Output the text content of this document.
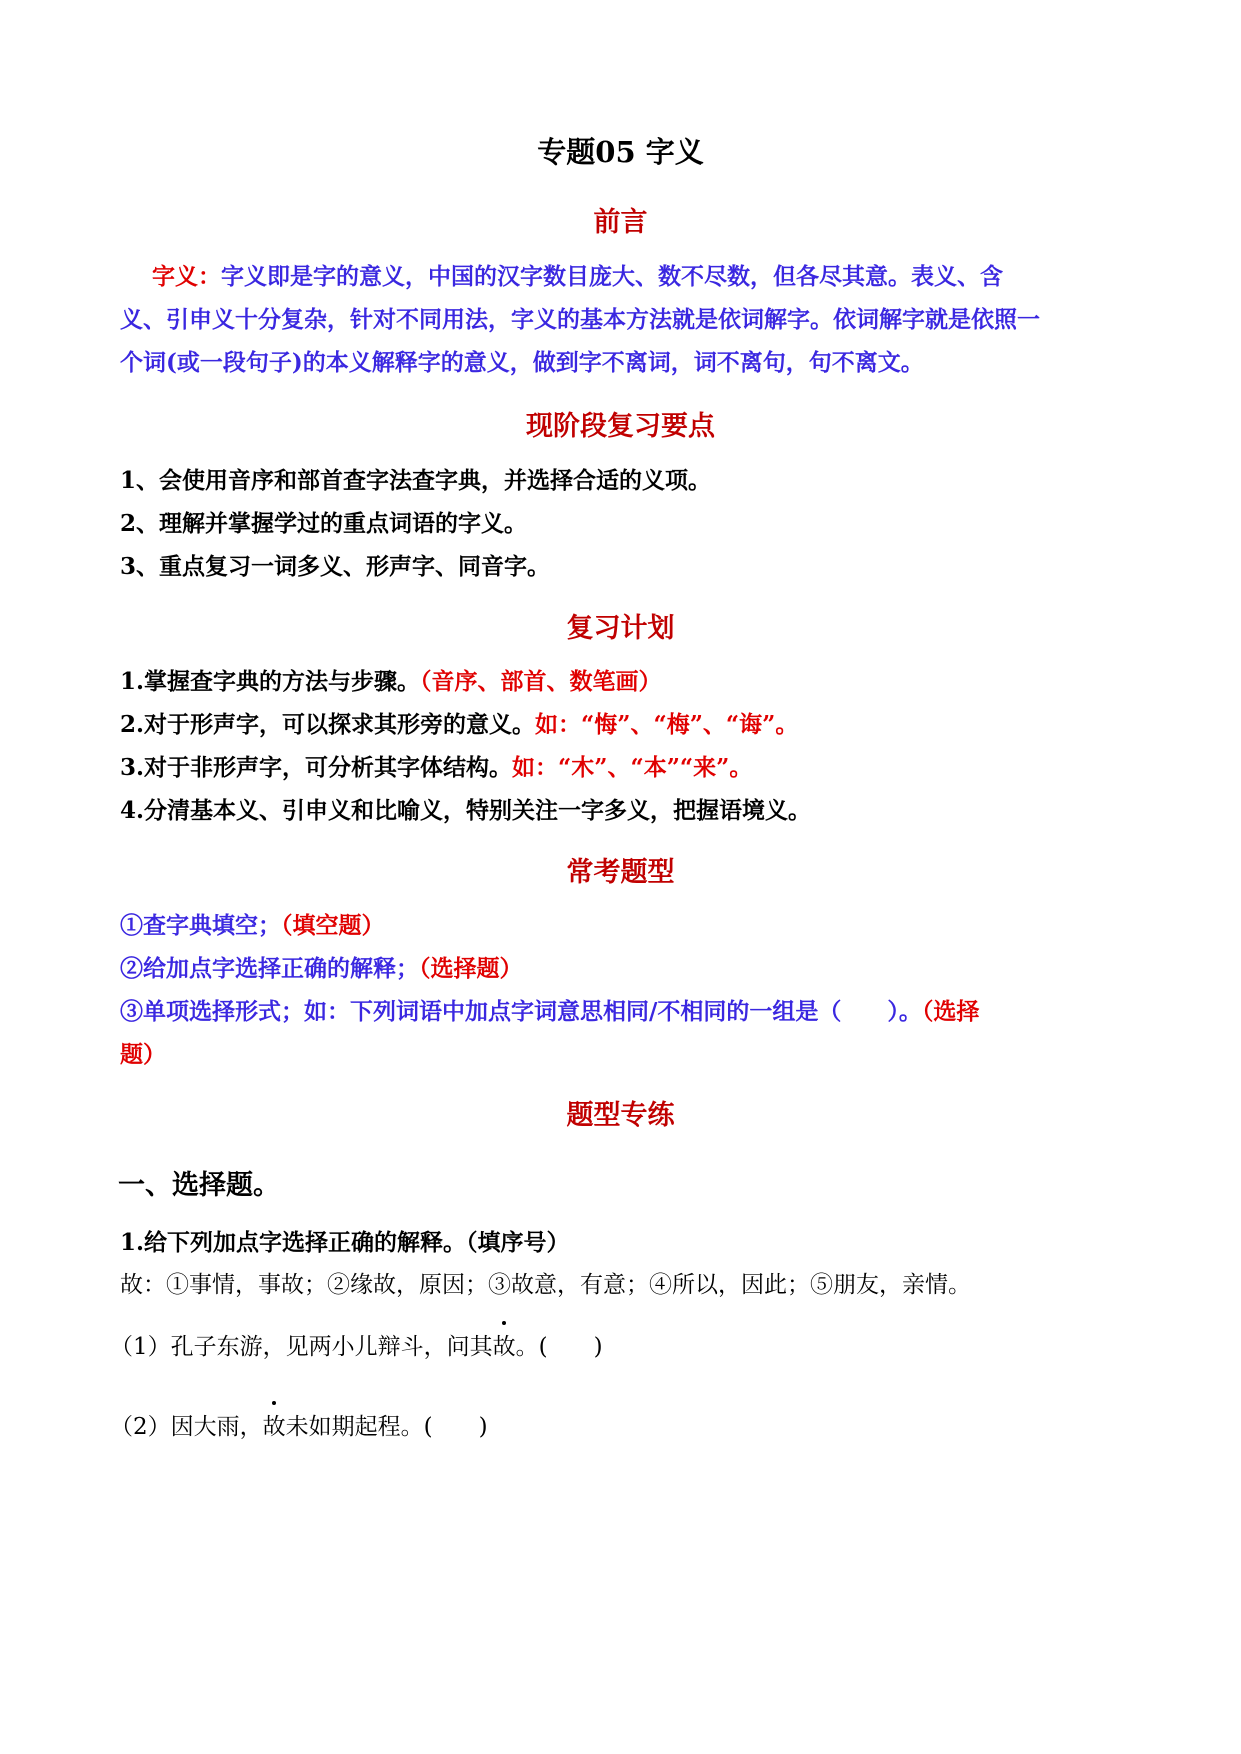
专题05 字义
前言
字义：字义即是字的意义，中国的汉字数目庞大、数不尽数，但各尽其意。表义、含
义、引申义十分复杂，针对不同用法，字义的基本方法就是依词解字。依词解字就是依照一
个词(或一段句子)的本义解释字的意义，做到字不离词，词不离句，句不离文。
现阶段复习要点
1、会使用音序和部首查字法查字典，并选择合适的义项。
2、理解并掌握学过的重点词语的字义。
3、重点复习一词多义、形声字、同音字。
复习计划
1.掌握查字典的方法与步骤。（音序、部首、数笔画）
2.对于形声字，可以探求其形旁的意义。如：“悔”、“梅”、“诲”。
3.对于非形声字，可分析其字体结构。如：“木”、“本”“来”。
4.分清基本义、引申义和比喻义，特别关注一字多义，把握语境义。
常考题型
①查字典填空；（填空题）
②给加点字选择正确的解释；（选择题）
③单项选择形式；如：下列词语中加点字词意思相同/不相同的一组是（　　）。（选择
题）
题型专练
一、选择题。
1.给下列加点字选择正确的解释。（填序号）
故：①事情，事故；②缘故，原因；③故意，有意；④所以，因此；⑤朋友，亲情。
（1）孔子东游，见两小儿辩斗，问其故。(　　)
（2）因大雨，故未如期起程。(　　)
